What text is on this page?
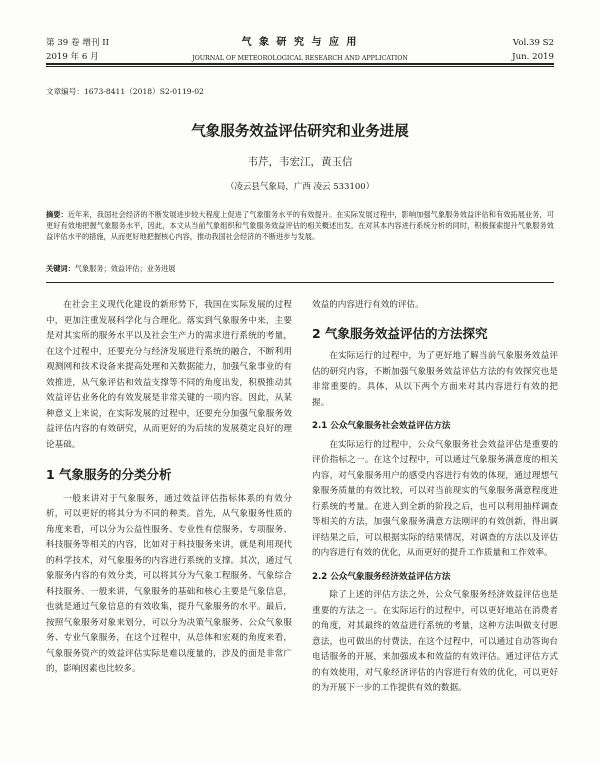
第 39 卷 增刊 II
2019 年 6 月
气 象 研 究 与 应 用
JOURNAL OF METEOROLOGICAL RESEARCH AND APPLICATION
Vol.39 S2
Jun. 2019
文章编号：1673-8411（2018）S2-0119-02
气象服务效益评估研究和业务进展
韦芹，韦宏江，黄玉信
（凌云县气象局，广西 凌云 533100）
摘要：近年来，我国社会经济的不断发展进步较大程度上促进了气象服务水平的有效提升。在实际发展过程中，影响加强气象服务效益评估和有效拓展业务，可更好有效地把握气象服务水平，因此，本文从当前气象组织和气象服务效益评估的相关概述出发，在对其本内容进行系统分析的同时，积极探索提升气象服务效益评估水平的措施，从而更好地把握核心内容，推动我国社会经济的不断进步与发展。
关键词：气象服务；效益评估；业务进展

在社会主义现代化建设的新形势下，我国在实际发展的过程中，更加注重发展科学化与合理化。落实到气象服务中来，主要是对其实所的服务水平以及社会生产力的需求进行系统的考量，在这个过程中，还要充分与经济发展进行系统的融合，不断利用观测网和技术设备来提高处理和关数据能力，加强气象事业的有效推进，从气象评估和效益支撑等不同的角度出发，积极推动其效益评估业务化的有效发展是非常关键的一项内容。因此，从某种意义上来说，在实际发展的过程中，还要充分加强气象服务效益评估内容的有效研究，从而更好的为后续的发展奠定良好的理论基础。

1 气象服务的分类分析

一般来讲对于气象服务，通过效益评估指标体系的有效分析，可以更好的将其分为不同的种类。首先，从气象服务性质的角度来看，可以分为公益性服务、专业性有偿服务、专项服务、科技服务等相关的内容，比如对于科技服务来讲，就是利用现代的科学技术，对气象服务的内容进行系统的支撑。其次，通过气象服务内容的有效分类，可以将其分为气象工程服务、气象综合科技服务、一般来讲，气象服务的基础和核心主要是气象信息，也就是通过气象信息的有效收集，提升气象服务的水平。最后，按照气象服务对象来划分，可以分为决策气象服务、公众气象服务、专业气象服务，在这个过程中，从总体和宏观的角度来看，气象服务资产的效益评估实际是难以度量的，涉及的面是非常广的，影响因素也比较多。

效益的内容进行有效的评估。
2 气象服务效益评估的方法探究

在实际运行的过程中，为了更好地了解当前气象服务效益评估的研究内容，不断加强气象服务效益评估方法的有效探究也是非常重要的。具体，从以下两个方面来对其内容进行有效的把握。

2.1 公众气象服务社会效益评估方法

在实际运行的过程中，公众气象服务社会效益评估是重要的评价指标之一。在这个过程中，可以通过气象服务满意度的相关内容，对气象服务用户的感受内容进行有效的体现，通过理想气象服务质量的有效比较，可以对当前现实的气象服务满意程度进行系统的考量。在进入到全新的阶段之后，也可以利用抽样调查等相关的方法，加强气象服务满意方法刚评的有效创新，得出调评结果之后，可以根据实际的结果情况，对调查的方法以及评估的内容进行有效的优化，从而更好的提升工作质量和工作效率。

2.2 公众气象服务经济效益评估方法

除了上述的评估方法之外，公众气象服务经济效益评估也是重要的方法之一。在实际运行的过程中，可以更好地站在消费者的角度，对其最终的效益进行系统的考量，这种方法叫做支付愿意法，也可做出的付费法，在这个过程中，可以通过自动答询台电话服务的开展，来加强成本和效益的有效评估。通过评估方式的有效使用，对气象经济评估的内容进行有效的优化，可以更好的为开展下一步的工作提供有效的数据。
